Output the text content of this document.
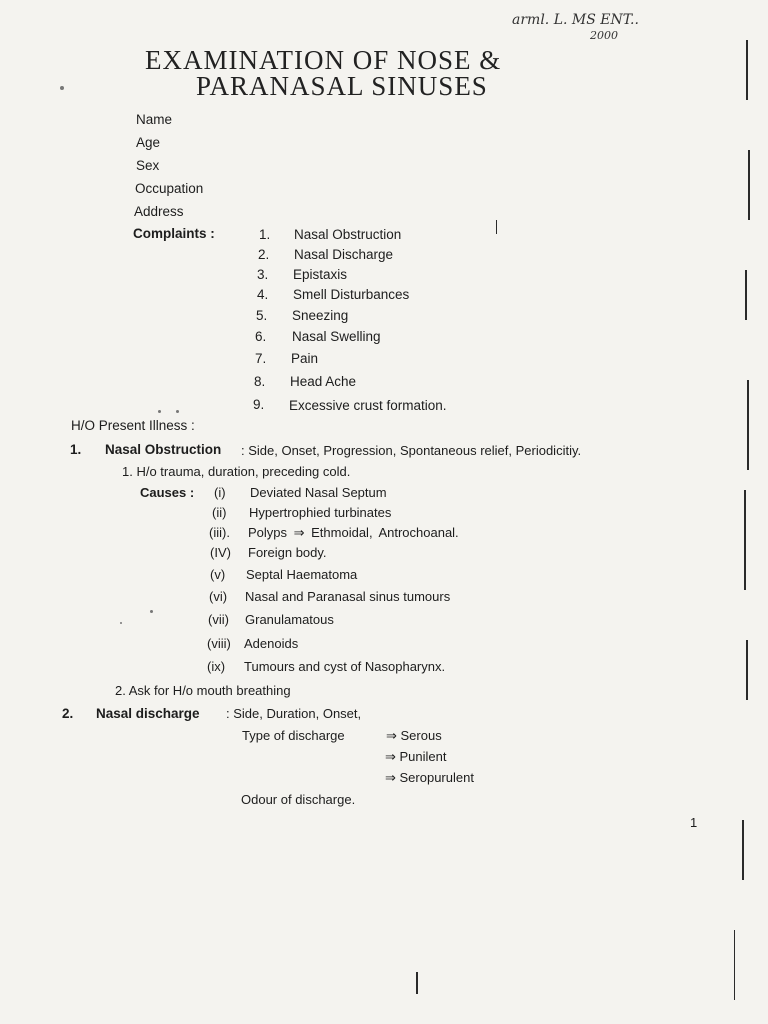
arml. L. MS ENT..
2000
EXAMINATION OF NOSE &
PARANASAL SINUSES
Name
Age
Sex
Occupation
Address
Complaints :	1. Nasal Obstruction
2. Nasal Discharge
3. Epistaxis
4. Smell Disturbances
5. Sneezing
6. Nasal Swelling
7. Pain
8. Head Ache
9. Excessive crust formation.
H/O Present Illness :
1. Nasal Obstruction : Side, Onset, Progression, Spontaneous relief, Periodicitiy.
1. H/o trauma, duration, preceding cold.
Causes : (i) Deviated Nasal Septum
(ii) Hypertrophied turbinates
(iii). Polyps ⇒ Ethmoidal, Antrochoanal.
(IV) Foreign body.
(v) Septal Haematoma
(vi) Nasal and Paranasal sinus tumours
(vii) Granulamatous
(viii) Adenoids
(ix) Tumours and cyst of Nasopharynx.
2. Ask for H/o mouth breathing
2. Nasal discharge : Side, Duration, Onset,
Type of discharge	⇒ Serous
⇒ Punilent
⇒ Seropurulent
Odour of discharge.
1
